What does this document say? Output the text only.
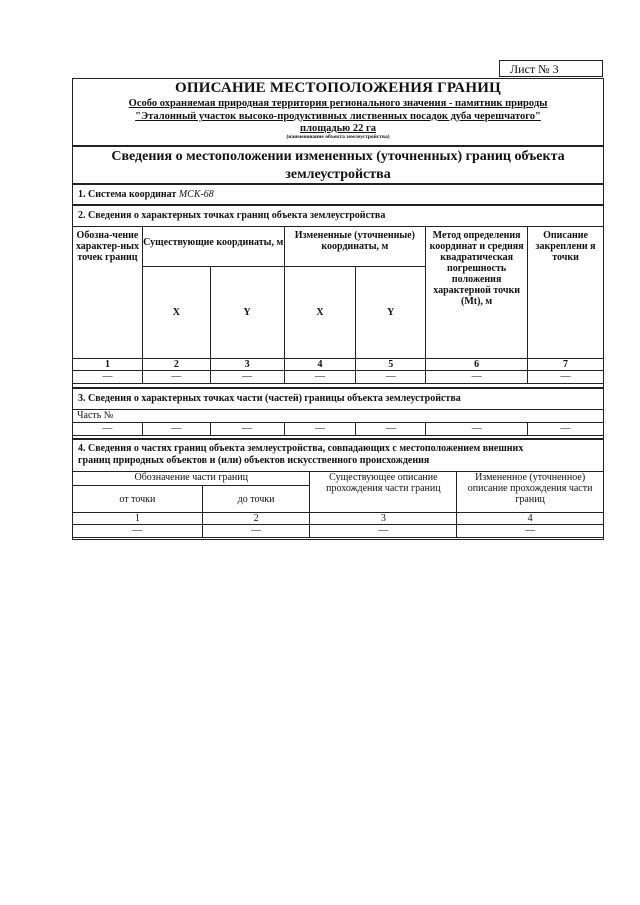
Лист № 3
ОПИСАНИЕ МЕСТОПОЛОЖЕНИЯ ГРАНИЦ
Особо охраняемая природная территория регионального значения - памятник природы
"Эталонный участок высоко-продуктивных лиственных посадок дуба черешчатого"
площадью 22 га
(наименование объекта землеустройства)
Сведения о местоположении измененных (уточненных) границ объекта землеустройства
1. Система координат МСК-68
2. Сведения о характерных точках границ объекта землеустройства
Обозна-чение характер-ных точек границ	Существующие координаты, м		Измененные (уточненные) координаты, м		Метод определения координат и средняя квадратическая погрешность положения характерной точки (Mt), м	Описание закреплени я точки
	X	Y	X	Y		
1	2	3	4	5	6	7
—	—	—	—	—	—	—
3. Сведения о характерных точках части (частей) границы объекта землеустройства
Часть №
—	—	—	—	—	—	—
4. Сведения о частях границ объекта землеустройства, совпадающих с местоположением внешних
границ природных объектов и (или) объектов искусственного происхождения
Обозначение части границ		Существующее описание прохождения части границ	Измененное (уточненное) описание прохождения части границ
от точки	до точки		
1	2	3	4
—	—	—	—
